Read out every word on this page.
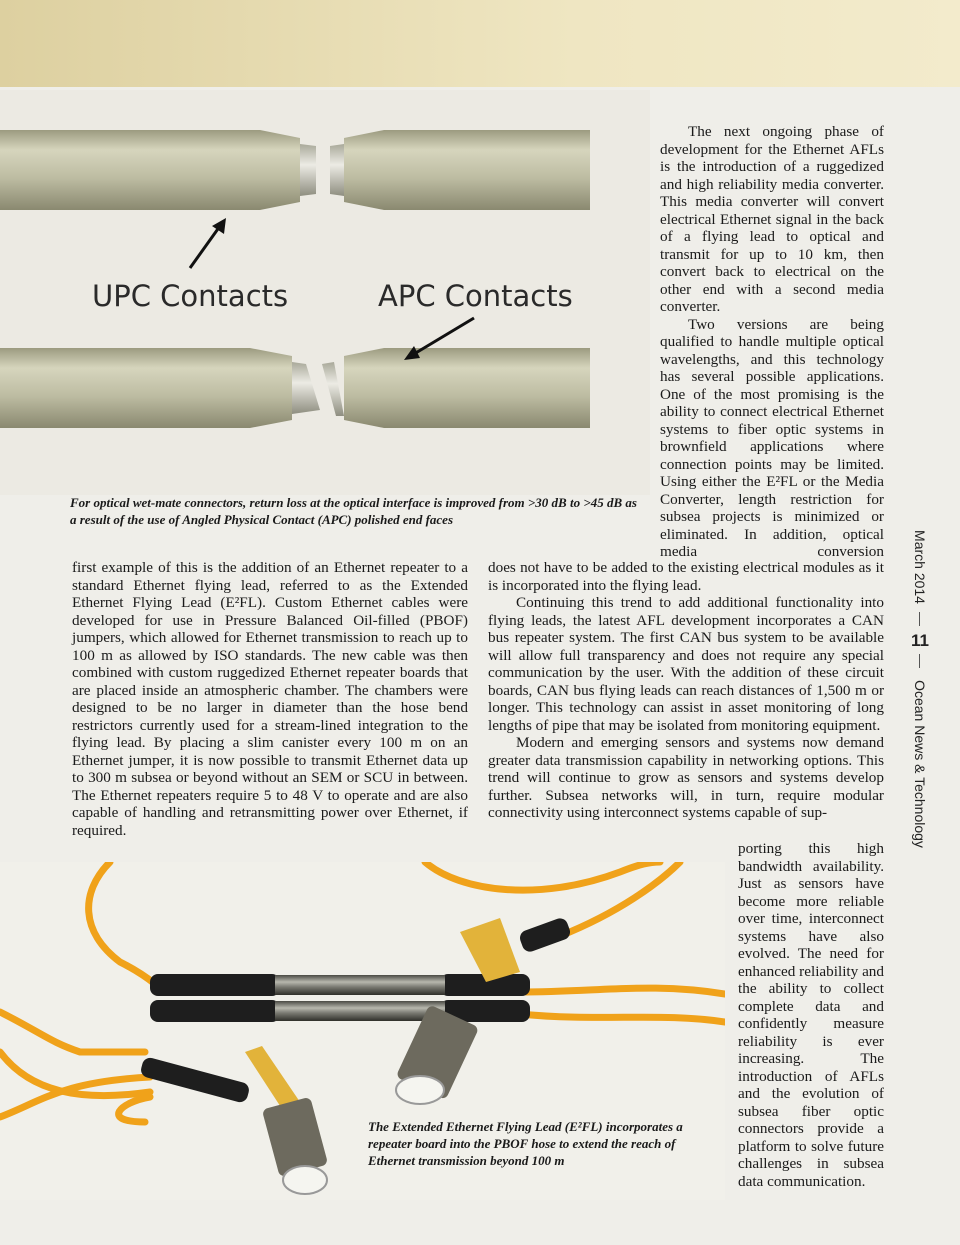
UPC Contacts	APC Contacts

For optical wet-mate connectors, return loss at the optical interface is improved from >30 dB to >45 dB as a result of the use of Angled Physical Contact (APC) polished end faces

The next ongoing phase of development for the Ethernet AFLs is the introduction of a ruggedized and high reliability media converter. This media converter will convert electrical Ethernet signal in the back of a flying lead to optical and transmit for up to 10 km, then convert back to electrical on the other end with a second media converter.

Two versions are being qualified to handle multiple optical wavelengths, and this technology has several possible applications. One of the most promising is the ability to connect electrical Ethernet systems to fiber optic systems in brownfield applications where connection points may be limited. Using either the E²FL or the Media Converter, length restriction for subsea projects is minimized or eliminated. In addition, optical media conversion

first example of this is the addition of an Ethernet repeater to a standard Ethernet flying lead, referred to as the Extended Ethernet Flying Lead (E²FL). Custom Ethernet cables were developed for use in Pressure Balanced Oil-filled (PBOF) jumpers, which allowed for Ethernet transmission to reach up to 100 m as allowed by ISO standards. The new cable was then combined with custom ruggedized Ethernet repeater boards that are placed inside an atmospheric chamber. The chambers were designed to be no larger in diameter than the hose bend restrictors currently used for a stream-lined integration to the flying lead. By placing a slim canister every 100 m on an Ethernet jumper, it is now possible to transmit Ethernet data up to 300 m subsea or beyond without an SEM or SCU in between. The Ethernet repeaters require 5 to 48 V to operate and are also capable of handling and retransmitting power over Ethernet, if required.

does not have to be added to the existing electrical modules as it is incorporated into the flying lead.

Continuing this trend to add additional functionality into flying leads, the latest AFL development incorporates a CAN bus repeater system. The first CAN bus system to be available will allow full transparency and does not require any special communication by the user. With the addition of these circuit boards, CAN bus flying leads can reach distances of 1,500 m or longer. This technology can assist in asset monitoring of long lengths of pipe that may be isolated from monitoring equipment.

Modern and emerging sensors and systems now demand greater data transmission capability in networking options. This trend will continue to grow as sensors and systems develop further. Subsea networks will, in turn, require modular connectivity using interconnect systems capable of sup-

porting this high bandwidth availability. Just as sensors have become more reliable over time, interconnect systems have also evolved. The need for enhanced reliability and the ability to collect complete data and confidently measure reliability is ever increasing. The introduction of AFLs and the evolution of subsea fiber optic connectors provide a platform to solve future challenges in subsea data communication.

The Extended Ethernet Flying Lead (E²FL) incorporates a repeater board into the PBOF hose to extend the reach of Ethernet transmission beyond 100 m

March 2014
11
Ocean News & Technology
